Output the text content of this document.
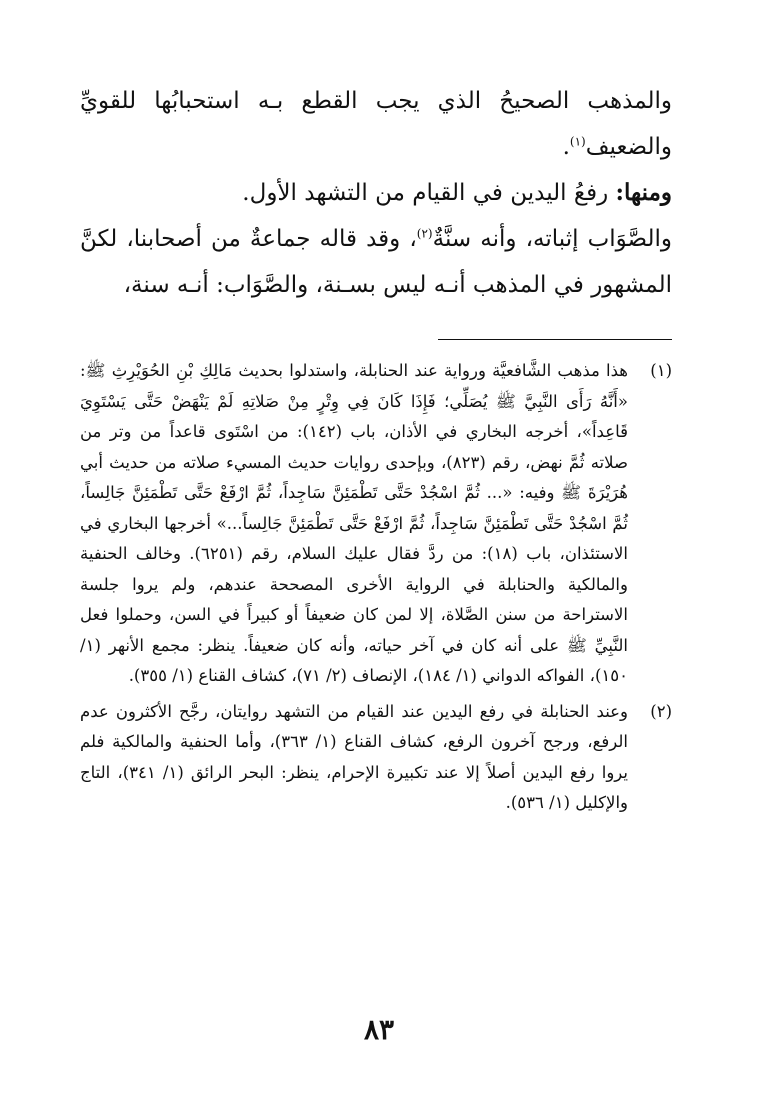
والمذهب الصحيحُ الذي يجب القطع بـه استحبابُها للقويِّ والضعيف$^{(١)}$.

ومنها: رفعُ اليدين في القيام من التشهد الأول.

والصَّوَاب إثباته، وأنه سنَّةٌ$^{(٢)}$، وقد قاله جماعةٌ من أصحابنا، لكنَّ المشهور في المذهب أنـه ليس بسـنة، والصَّوَاب: أنـه سنة،

(١)
هذا مذهب الشَّافعيَّة ورواية عند الحنابلة، واستدلوا بحديث مَالِكِ بْنِ الحُوَيْرِثِ ﷺ: «أَنَّهُ رَأَى النَّبِيَّ ﷺ يُصَلِّي؛ فَإِذَا كَانَ فِي وِتْرٍ مِنْ صَلاتِهِ لَمْ يَنْهَضْ حَتَّى يَسْتَوِيَ قَاعِداً»، أخرجه البخاري في الأذان، باب (١٤٢): من اسْتَوى قاعداً من وتر من صلاته ثُمَّ نهض، رقم (٨٢٣)، وبإحدى روايات حديث المسيء صلاته من حديث أبي هُرَيْرَةَ ﷺ وفيه: «... ثُمَّ اسْجُدْ حَتَّى تَطْمَئِنَّ سَاجِداً، ثُمَّ ارْفَعْ حَتَّى تَطْمَئِنَّ جَالِساً، ثُمَّ اسْجُدْ حَتَّى تَطْمَئِنَّ سَاجِداً، ثُمَّ ارْفَعْ حَتَّى تَطْمَئِنَّ جَالِساً...» أخرجها البخاري في الاستئذان، باب (١٨): من ردَّ فقال عليك السلام، رقم (٦٢٥١). وخالف الحنفية والمالكية والحنابلة في الرواية الأخرى المصححة عندهم، ولم يروا جلسة الاستراحة من سنن الصَّلاة، إلا لمن كان ضعيفاً أو كبيراً في السن، وحملوا فعل النَّبِيِّ ﷺ على أنه كان في آخر حياته، وأنه كان ضعيفاً. ينظر: مجمع الأنهر (١/ ١٥٠)، الفواكه الدواني (١/ ١٨٤)، الإنصاف (٢/ ٧١)، كشاف القناع (١/ ٣٥٥).
(٢)
وعند الحنابلة في رفع اليدين عند القيام من التشهد روايتان، رجَّح الأكثرون عدم الرفع، ورجح آخرون الرفع، كشاف القناع (١/ ٣٦٣)، وأما الحنفية والمالكية فلم يروا رفع اليدين أصلاً إلا عند تكبيرة الإحرام، ينظر: البحر الرائق (١/ ٣٤١)، التاج والإكليل (١/ ٥٣٦).
٨٣
